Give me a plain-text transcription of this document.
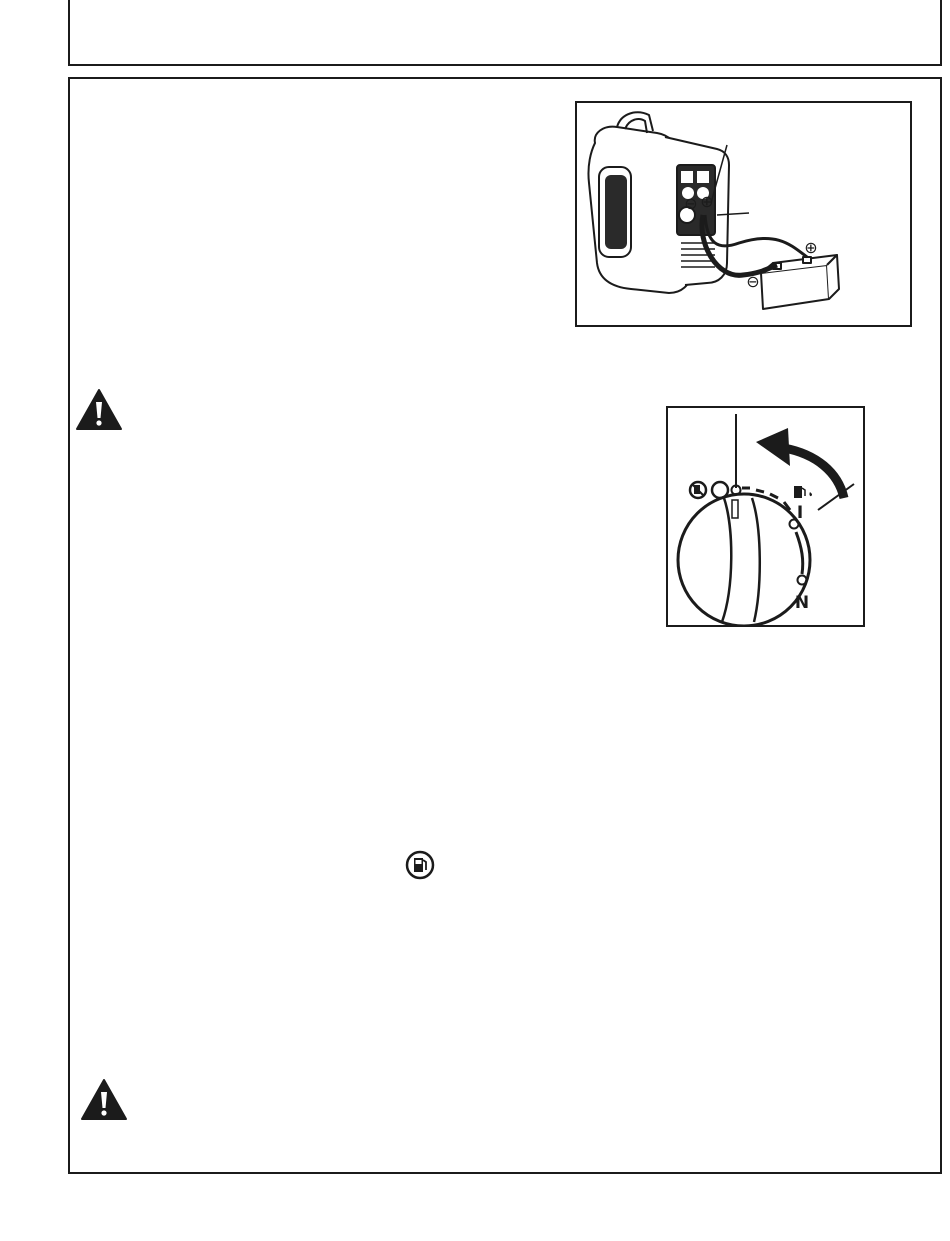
⊕
⊖
⊕
⊖
I
N
